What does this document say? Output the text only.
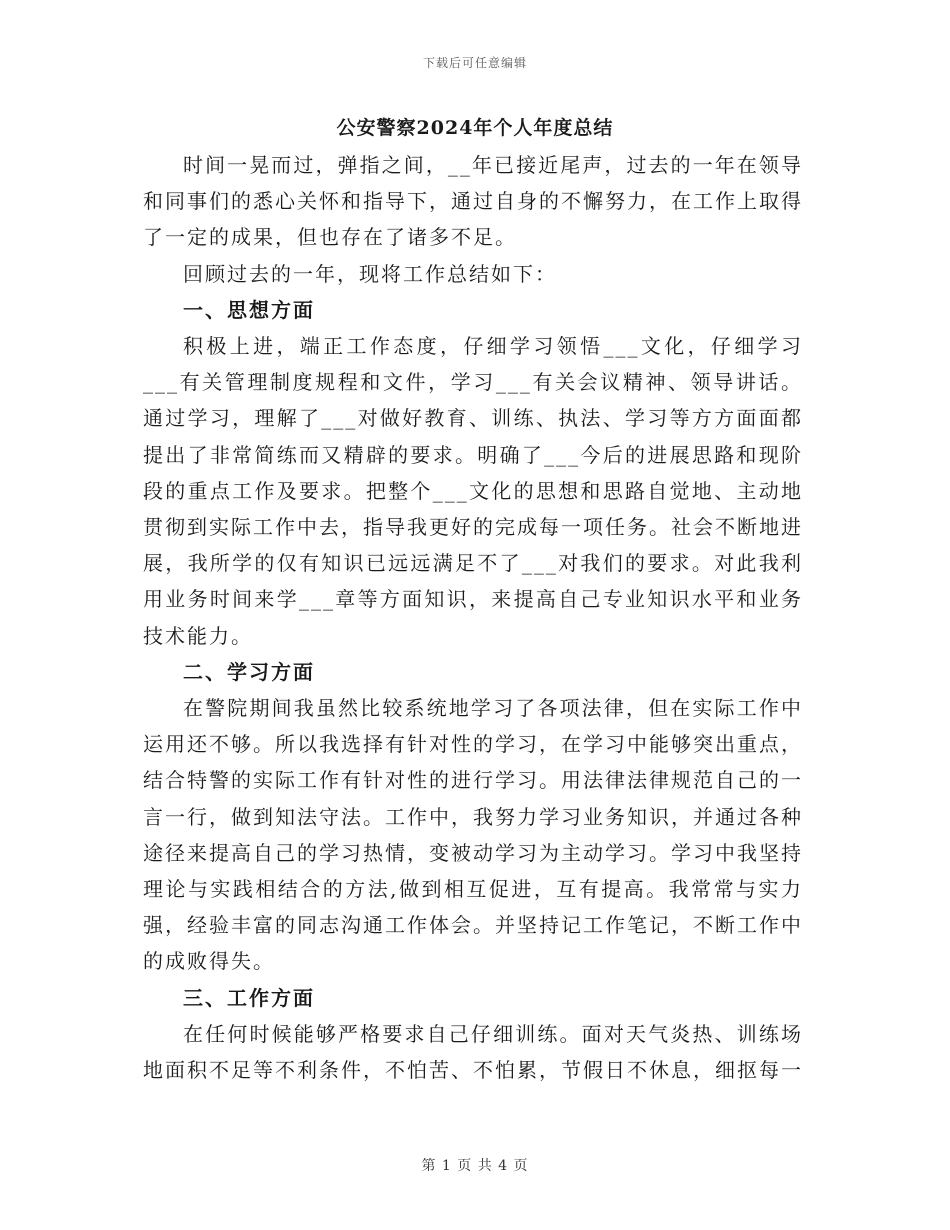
下载后可任意编辑
公安警察2024年个人年度总结

时间一晃而过，弹指之间，__年已接近尾声，过去的一年在领导和同事们的悉心关怀和指导下，通过自身的不懈努力，在工作上取得了一定的成果，但也存在了诸多不足。

回顾过去的一年，现将工作总结如下：

一、思想方面

积极上进，端正工作态度，仔细学习领悟___文化，仔细学习___有关管理制度规程和文件，学习___有关会议精神、领导讲话。通过学习，理解了___对做好教育、训练、执法、学习等方方面面都提出了非常简练而又精辟的要求。明确了___今后的进展思路和现阶段的重点工作及要求。把整个___文化的思想和思路自觉地、主动地贯彻到实际工作中去，指导我更好的完成每一项任务。社会不断地进展，我所学的仅有知识已远远满足不了___对我们的要求。对此我利用业务时间来学___章等方面知识，来提高自己专业知识水平和业务技术能力。

二、学习方面

在警院期间我虽然比较系统地学习了各项法律，但在实际工作中运用还不够。所以我选择有针对性的学习，在学习中能够突出重点，结合特警的实际工作有针对性的进行学习。用法律法律规范自己的一言一行，做到知法守法。工作中，我努力学习业务知识，并通过各种途径来提高自己的学习热情，变被动学习为主动学习。学习中我坚持理论与实践相结合的方法,做到相互促进，互有提高。我常常与实力强，经验丰富的同志沟通工作体会。并坚持记工作笔记，不断工作中的成败得失。

三、工作方面

在任何时候能够严格要求自己仔细训练。面对天气炎热、训练场地面积不足等不利条件，不怕苦、不怕累，节假日不休息，细抠每一

第 1 页 共 4 页
